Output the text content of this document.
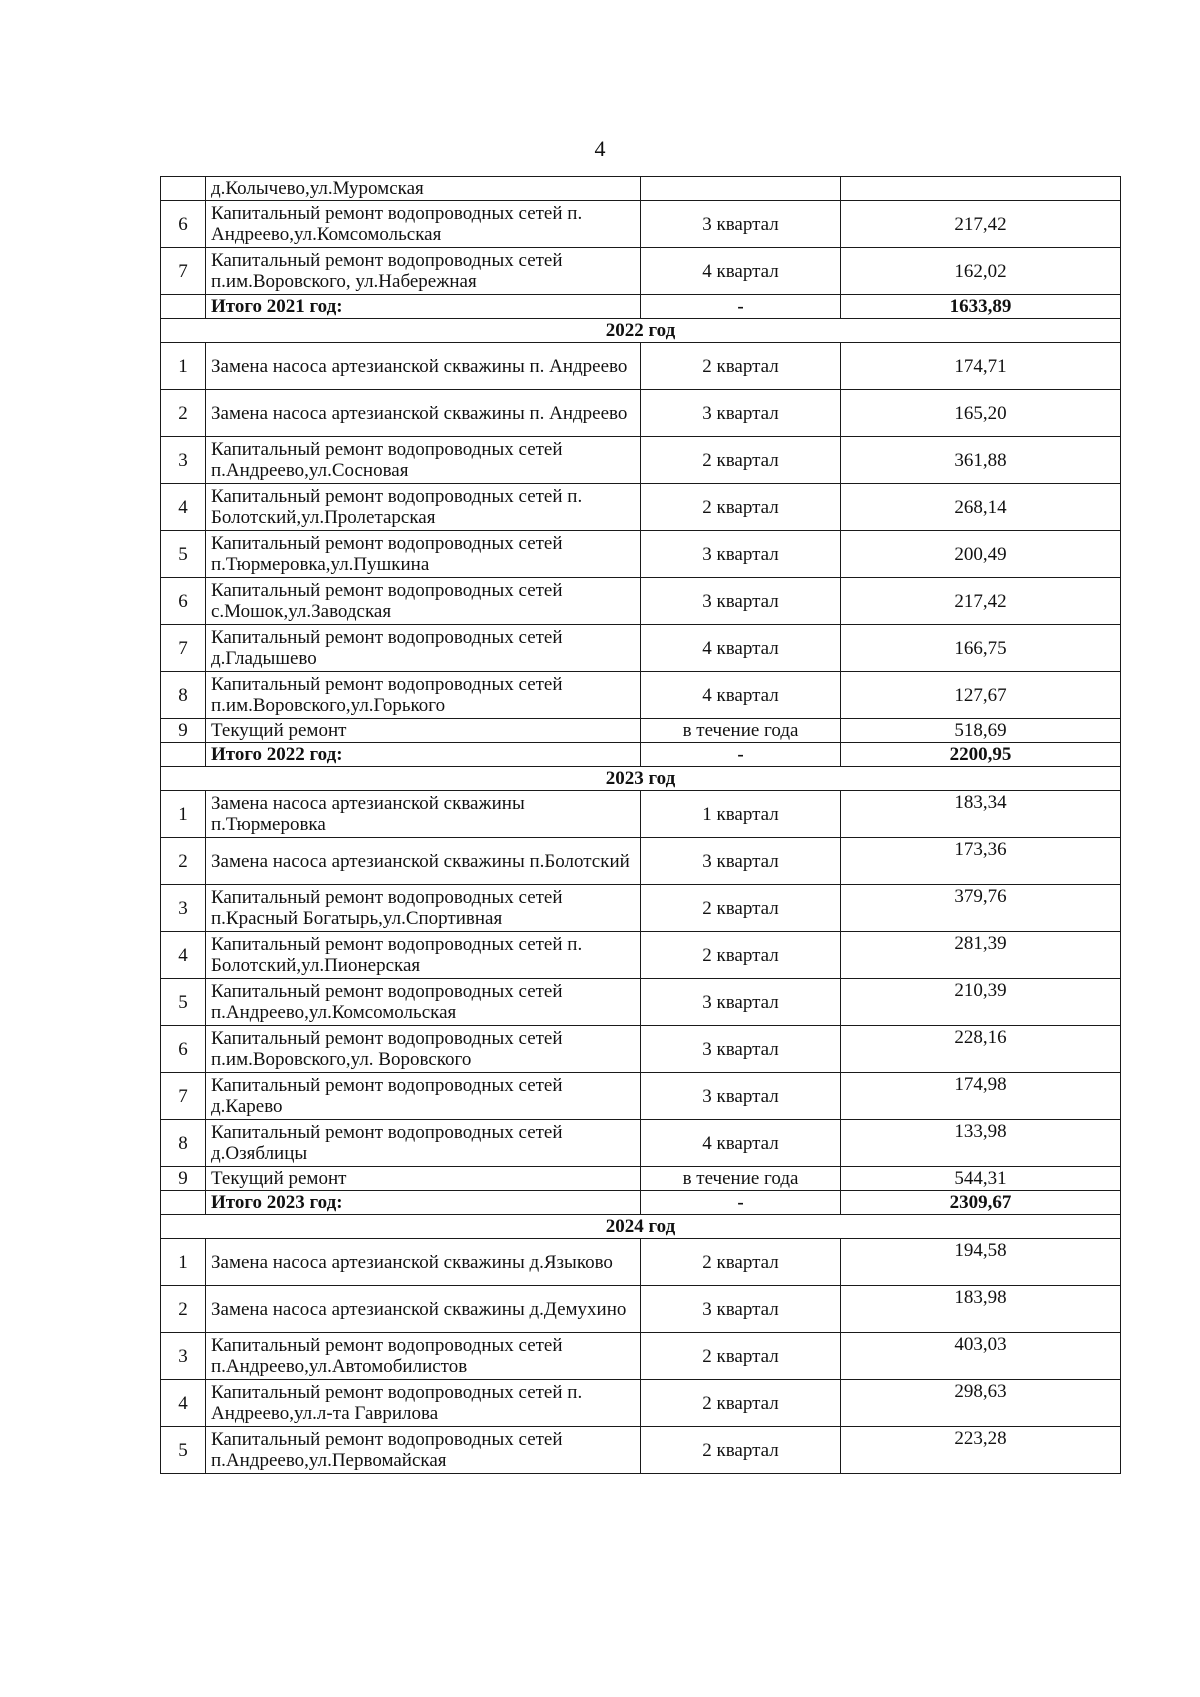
4
	д.Колычево,ул.Муромская		
6	Капитальный ремонт водопроводных сетей п. Андреево,ул.Комсомольская	3 квартал	217,42
7	Капитальный ремонт водопроводных сетей п.им.Воровского, ул.Набережная	4 квартал	162,02
	Итого 2021 год:	-	1633,89
2022 год			
1	Замена насоса артезианской скважины п. Андреево	2 квартал	174,71
2	Замена насоса артезианской скважины п. Андреево	3 квартал	165,20
3	Капитальный ремонт водопроводных сетей п.Андреево,ул.Сосновая	2 квартал	361,88
4	Капитальный ремонт водопроводных сетей п. Болотский,ул.Пролетарская	2 квартал	268,14
5	Капитальный ремонт водопроводных сетей п.Тюрмеровка,ул.Пушкина	3 квартал	200,49
6	Капитальный ремонт водопроводных сетей с.Мошок,ул.Заводская	3 квартал	217,42
7	Капитальный ремонт водопроводных сетей д.Гладышево	4 квартал	166,75
8	Капитальный ремонт водопроводных сетей п.им.Воровского,ул.Горького	4 квартал	127,67
9	Текущий ремонт	в течение года	518,69
	Итого 2022 год:	-	2200,95
2023 год			
1	Замена насоса артезианской скважины п.Тюрмеровка	1 квартал	183,34
2	Замена насоса артезианской скважины п.Болотский	3 квартал	173,36
3	Капитальный ремонт водопроводных сетей п.Красный Богатырь,ул.Спортивная	2 квартал	379,76
4	Капитальный ремонт водопроводных сетей п. Болотский,ул.Пионерская	2 квартал	281,39
5	Капитальный ремонт водопроводных сетей п.Андреево,ул.Комсомольская	3 квартал	210,39
6	Капитальный ремонт водопроводных сетей п.им.Воровского,ул. Воровского	3 квартал	228,16
7	Капитальный ремонт водопроводных сетей д.Карево	3 квартал	174,98
8	Капитальный ремонт водопроводных сетей д.Озяблицы	4 квартал	133,98
9	Текущий ремонт	в течение года	544,31
	Итого 2023 год:	-	2309,67
2024 год			
1	Замена насоса артезианской скважины д.Языково	2 квартал	194,58
2	Замена насоса артезианской скважины д.Демухино	3 квартал	183,98
3	Капитальный ремонт водопроводных сетей п.Андреево,ул.Автомобилистов	2 квартал	403,03
4	Капитальный ремонт водопроводных сетей п. Андреево,ул.л-та Гаврилова	2 квартал	298,63
5	Капитальный ремонт водопроводных сетей п.Андреево,ул.Первомайская	2 квартал	223,28
